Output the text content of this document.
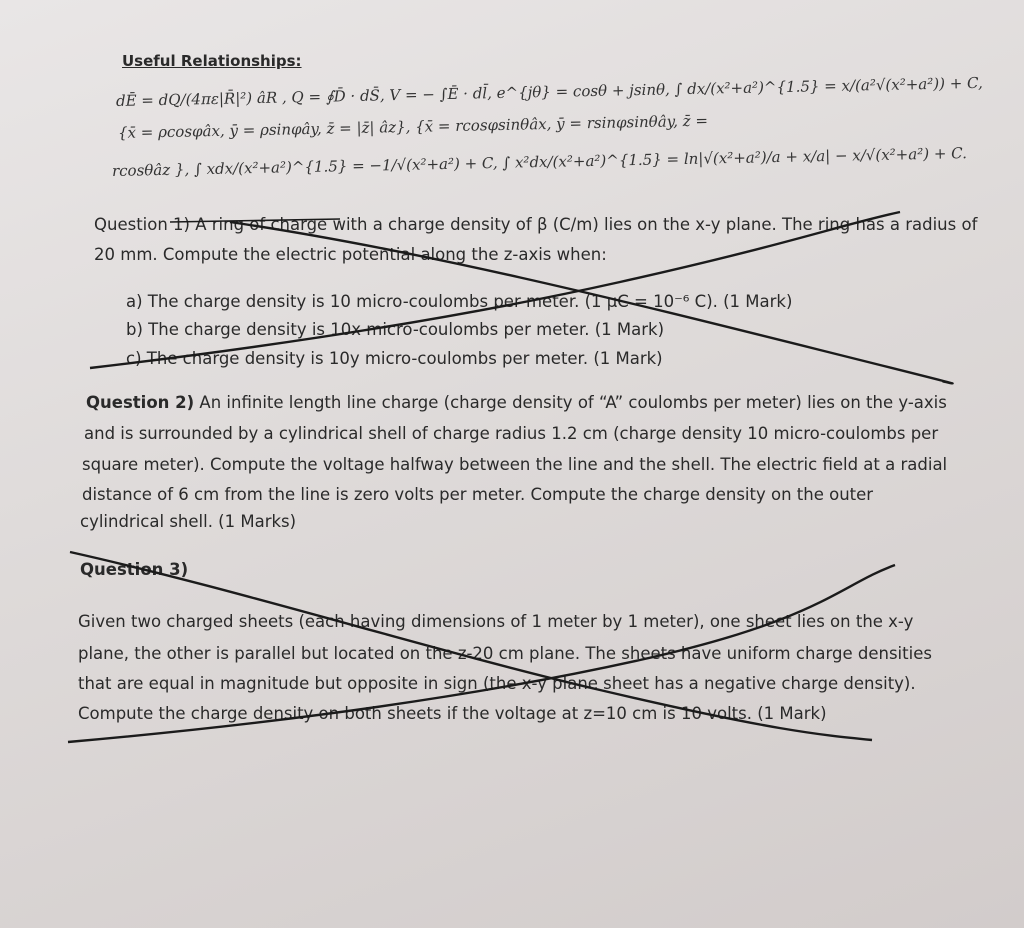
Useful Relationships:
dĒ = dQ/(4πε|R̄|²) âR , Q = ∮D̄ · dS̄, V = − ∫Ē · dl̄, e^{jθ} = cosθ + jsinθ, ∫ dx/(x²+a²)^{1.5} = x/(a²√(x²+a²)) + C,
{x̄ = ρcosφâx, ȳ = ρsinφây, z̄ = |z̄| âz}, {x̄ = rcosφsinθâx, ȳ = rsinφsinθây, z̄ =
rcosθâz }, ∫ xdx/(x²+a²)^{1.5} = −1/√(x²+a²) + C, ∫ x²dx/(x²+a²)^{1.5} = ln|√(x²+a²)/a + x/a| − x/√(x²+a²) + C.
Question 1) A ring of charge with a charge density of β (C/m) lies on the x-y plane. The ring has a radius of
20 mm. Compute the electric potential along the z-axis when:
a) The charge density is 10 micro-coulombs per meter. (1 μC = 10⁻⁶ C). (1 Mark)
b) The charge density is 10x micro-coulombs per meter. (1 Mark)
c) The charge density is 10y micro-coulombs per meter. (1 Mark)
Question 2) An infinite length line charge (charge density of “A” coulombs per meter) lies on the y-axis
and is surrounded by a cylindrical shell of charge radius 1.2 cm (charge density 10 micro-coulombs per
square meter). Compute the voltage halfway between the line and the shell. The electric field at a radial
distance of 6 cm from the line is zero volts per meter. Compute the charge density on the outer
cylindrical shell. (1 Marks)
Question 3)
Given two charged sheets (each having dimensions of 1 meter by 1 meter), one sheet lies on the x-y
plane, the other is parallel but located on the z-20 cm plane. The sheets have uniform charge densities
that are equal in magnitude but opposite in sign (the x-y plane sheet has a negative charge density).
Compute the charge density on both sheets if the voltage at z=10 cm is 10 volts. (1 Mark)
